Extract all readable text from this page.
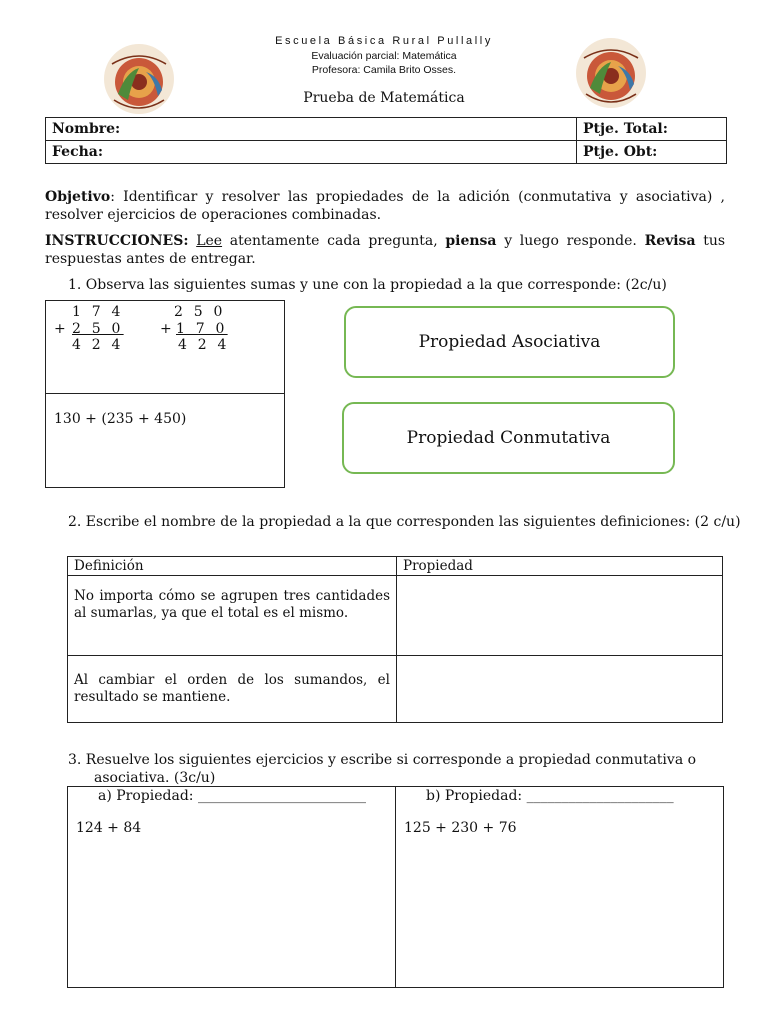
Escuela Básica Rural Pullally
Evaluación parcial: Matemática
Profesora: Camila Brito Osses.
Prueba de Matemática
Nombre:	Ptje. Total:
Fecha:	Ptje. Obt:
Objetivo: Identificar y resolver las propiedades de la adición (conmutativa y asociativa) , resolver ejercicios de operaciones combinadas.
INSTRUCCIONES: Lee atentamente cada pregunta, piensa y luego responde. Revisa tus respuestas antes de entregar.
1. Observa las siguientes sumas y une con la propiedad a la que corresponde: (2c/u)
1 7 4
+ 2 5 0
4 2 4
2 5 0
+ 1 7 0
4 2 4
130 + (235 + 450)
Propiedad Asociativa
Propiedad Conmutativa
2. Escribe el nombre de la propiedad a la que corresponden las siguientes definiciones: (2 c/u)
Definición	Propiedad
No importa cómo se agrupen tres cantidades al sumarlas, ya que el total es el mismo.	
Al cambiar el orden de los sumandos, el resultado se mantiene.	
3. Resuelve los siguientes ejercicios y escribe si corresponde a propiedad conmutativa o asociativa. (3c/u)
a) Propiedad: ________________________
124 + 84
b) Propiedad: _____________________
125 + 230 + 76
